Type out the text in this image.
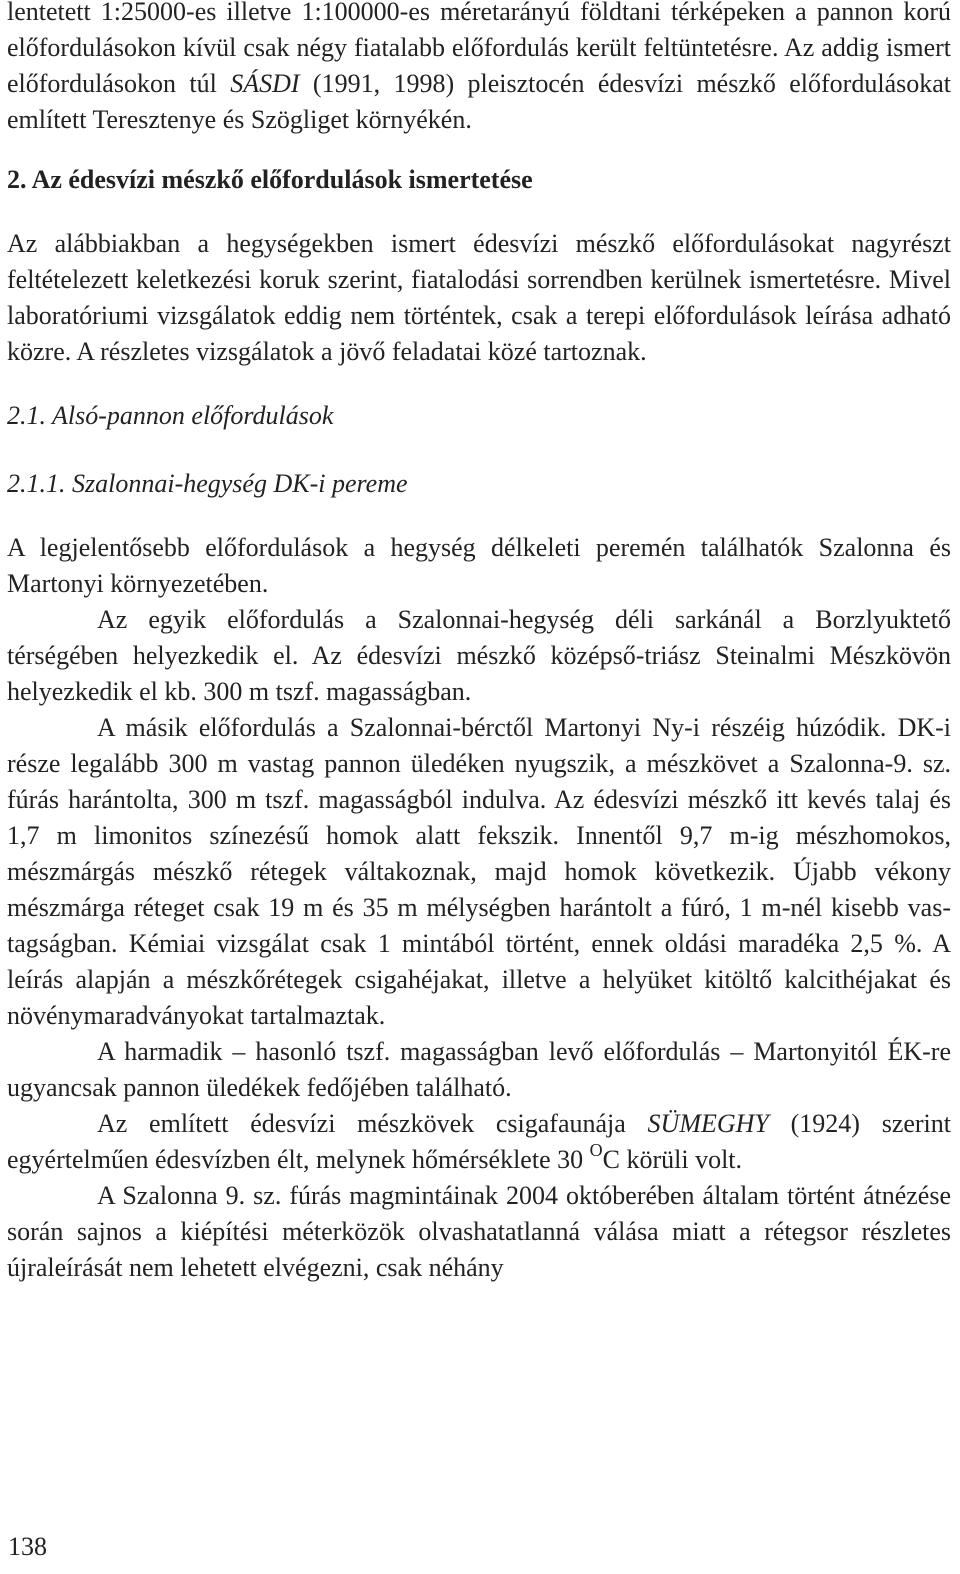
lentetett 1:25000-es illetve 1:100000-es méretarányú földtani térképeken a pannon korú előfordulásokon kívül csak négy fiatalabb előfordulás került feltüntetésre. Az addig ismert előfordulásokon túl SÁSDI (1991, 1998) pleisztocén édesvízi mészkő előfordulásokat említett Teresztenye és Szögliget környékén.

2. Az édesvízi mészkő előfordulások ismertetése

Az alábbiakban a hegységekben ismert édesvízi mészkő előfordulásokat nagyrészt feltételezett keletkezési koruk szerint, fiatalodási sorrendben kerülnek ismertetésre. Mivel laboratóriumi vizsgálatok eddig nem történtek, csak a terepi előfordulások leírása adható közre. A részletes vizsgálatok a jövő feladatai közé tartoznak.

2.1. Alsó-pannon előfordulások
2.1.1. Szalonnai-hegység DK-i pereme

A legjelentősebb előfordulások a hegység délkeleti peremén találhatók Szalonna és Martonyi környezetében.

Az egyik előfordulás a Szalonnai-hegység déli sarkánál a Borzlyuktető térségében helyezkedik el. Az édesvízi mészkő középső-triász Steinalmi Mészkövön helyezkedik el kb. 300 m tszf. magasságban.

A másik előfordulás a Szalonnai-bérctől Martonyi Ny-i részéig húzódik. DK-i része legalább 300 m vastag pannon üledéken nyugszik, a mészkövet a Szalonna-9. sz. fúrás harántolta, 300 m tszf. magasságból indulva. Az édesvízi mészkő itt kevés talaj és 1,7 m limonitos színezésű homok alatt fekszik. Innentől 9,7 m-ig mészhomokos, mészmárgás mészkő rétegek váltakoznak, majd homok következik. Újabb vékony mészmárga réteget csak 19 m és 35 m mélységben harántolt a fúró, 1 m-nél kisebb vastagságban. Kémiai vizsgálat csak 1 mintából történt, ennek oldási maradéka 2,5 %. A leírás alapján a mészkőrétegek csigahéjakat, illetve a helyüket kitöltő kalcithéjakat és növénymaradványokat tartalmaztak.

A harmadik – hasonló tszf. magasságban levő előfordulás – Martonyitól ÉK-re ugyancsak pannon üledékek fedőjében található.

Az említett édesvízi mészkövek csigafaunája SÜMEGHY (1924) szerint egyértelműen édesvízben élt, melynek hőmérséklete 30 $^O$C körüli volt.

A Szalonna 9. sz. fúrás magmintáinak 2004 októberében általam történt átnézése során sajnos a kiépítési méterközök olvashatatlanná válása miatt a rétegsor részletes újraleírását nem lehetett elvégezni, csak néhány

138
